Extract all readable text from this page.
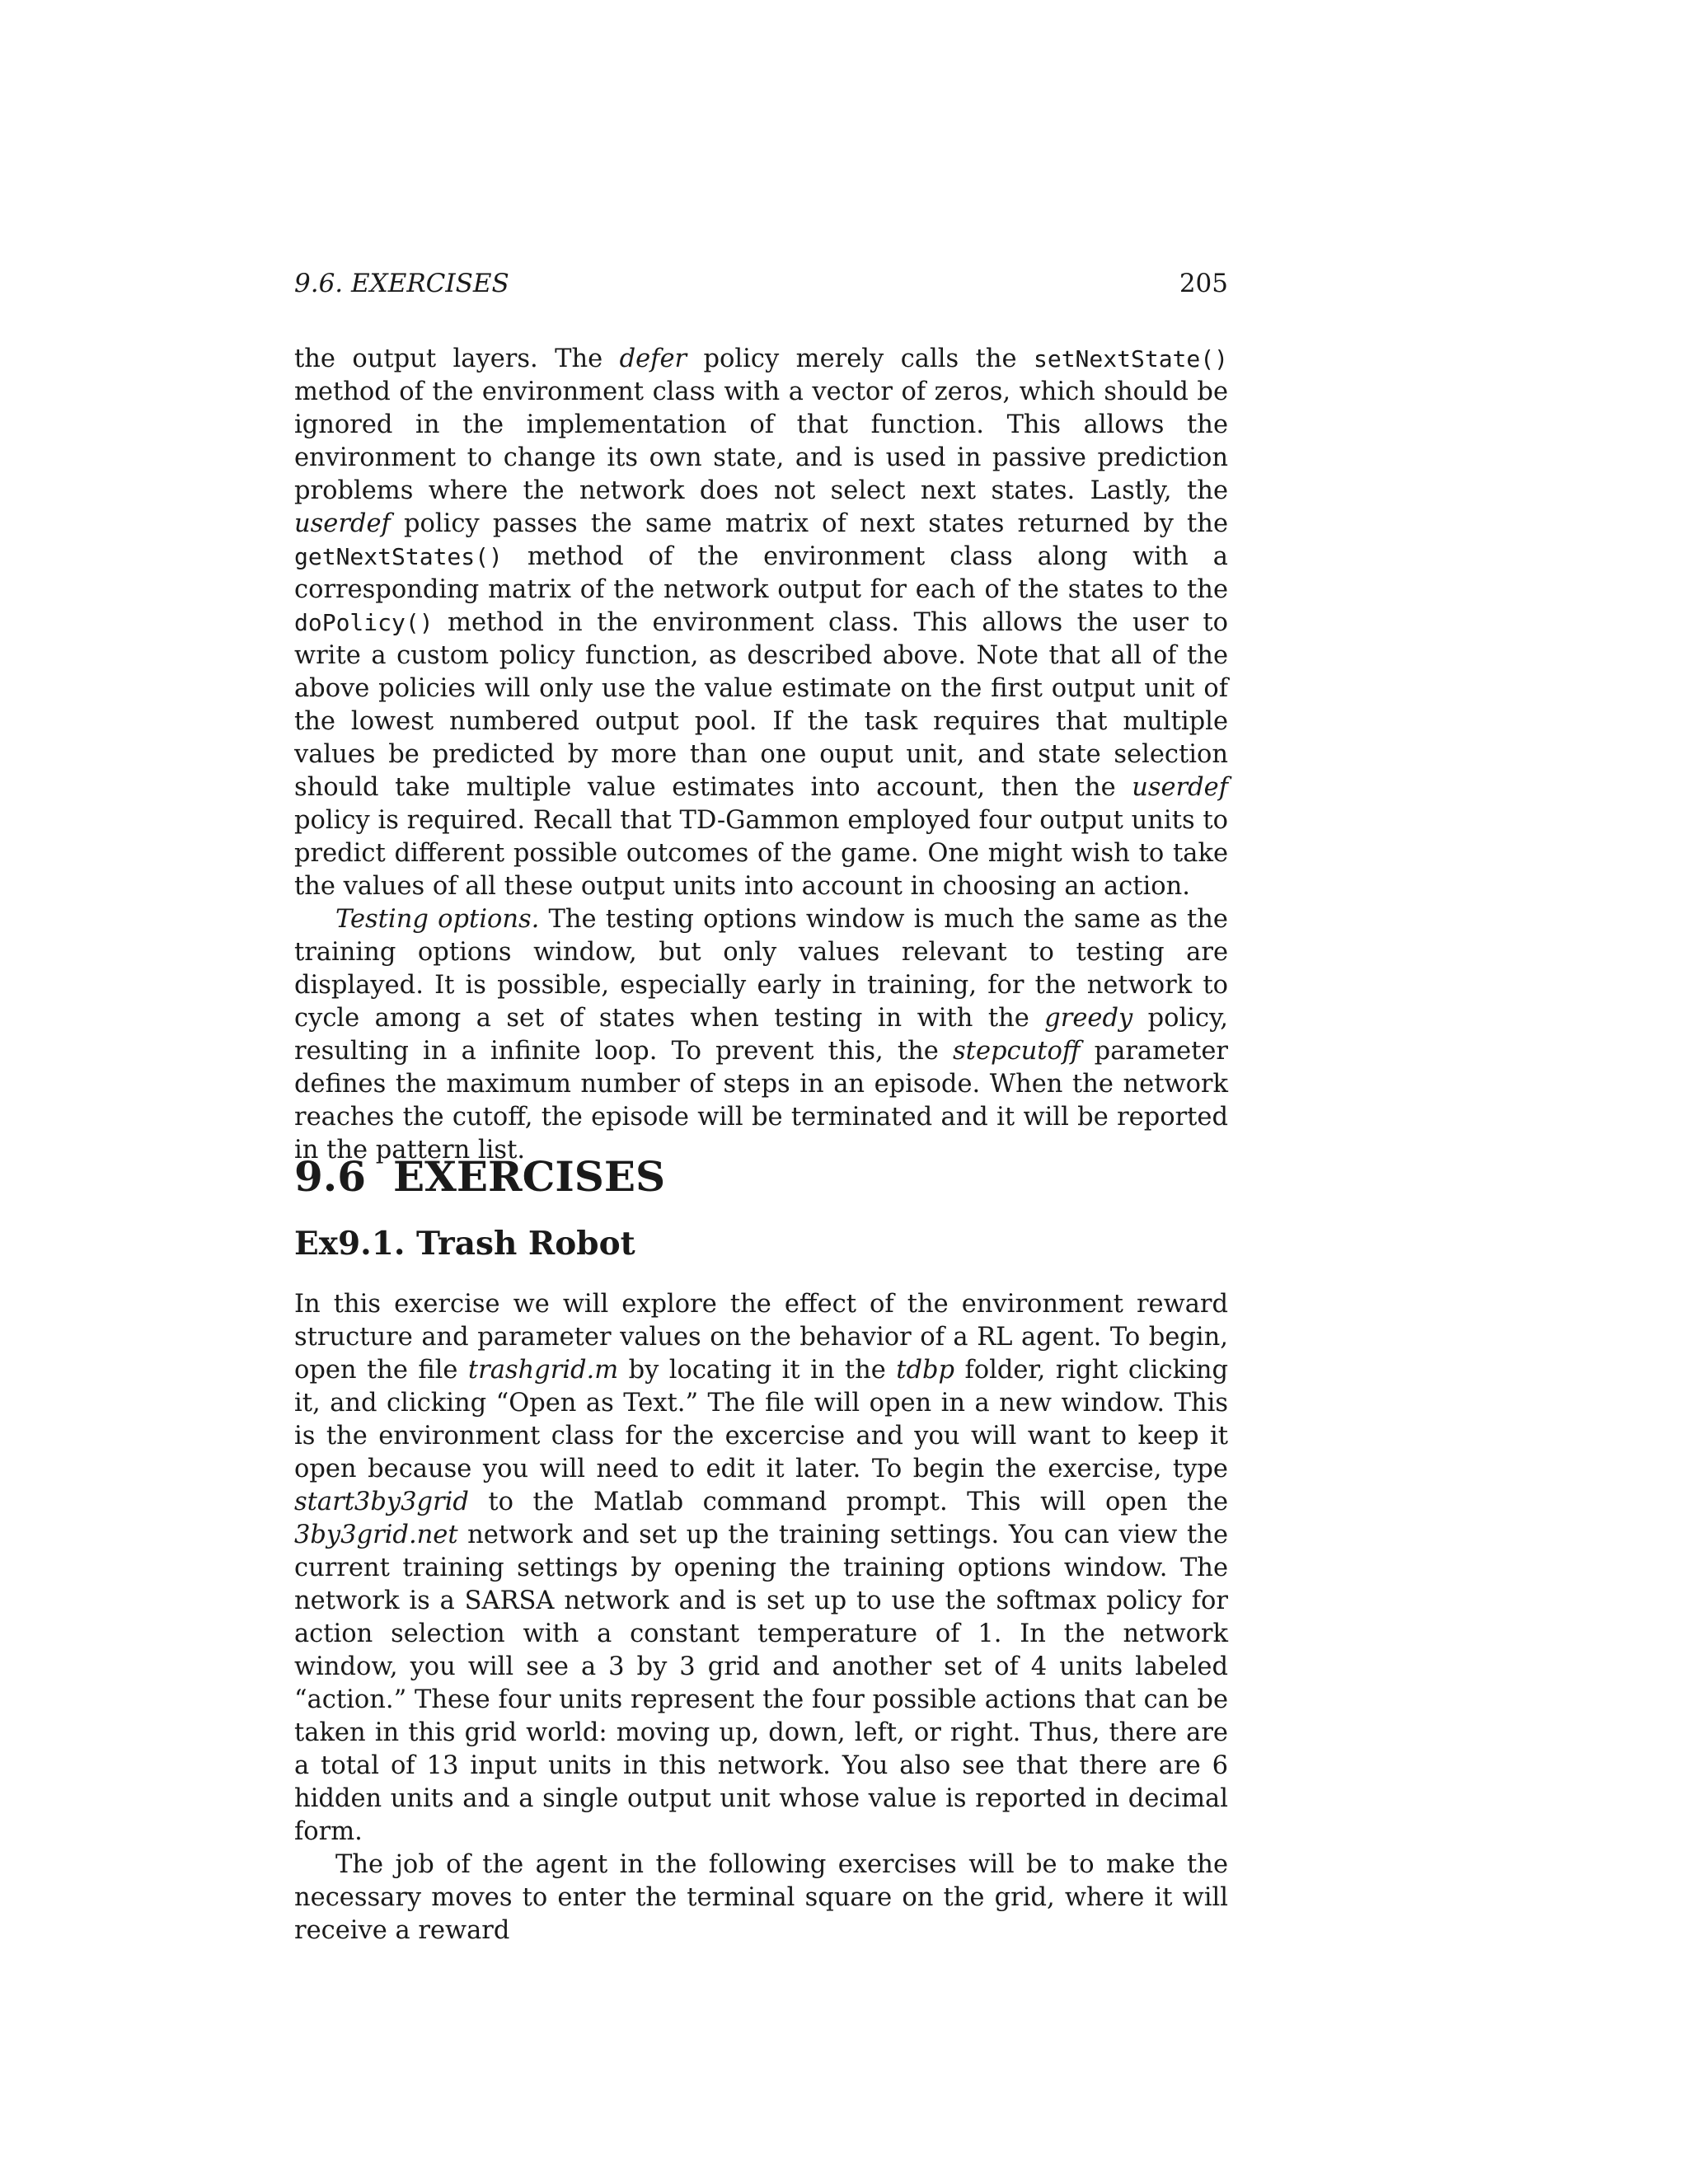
9.6. EXERCISES	205

the output layers. The defer policy merely calls the setNextState() method of the environment class with a vector of zeros, which should be ignored in the implementation of that function. This allows the environment to change its own state, and is used in passive prediction problems where the network does not select next states. Lastly, the userdef policy passes the same matrix of next states returned by the getNextStates() method of the environment class along with a corresponding matrix of the network output for each of the states to the doPolicy() method in the environment class. This allows the user to write a custom policy function, as described above. Note that all of the above policies will only use the value estimate on the first output unit of the lowest numbered output pool. If the task requires that multiple values be predicted by more than one ouput unit, and state selection should take multiple value estimates into account, then the userdef policy is required. Recall that TD-Gammon employed four output units to predict different possible outcomes of the game. One might wish to take the values of all these output units into account in choosing an action.

Testing options. The testing options window is much the same as the training options window, but only values relevant to testing are displayed. It is possible, especially early in training, for the network to cycle among a set of states when testing in with the greedy policy, resulting in a infinite loop. To prevent this, the stepcutoff parameter defines the maximum number of steps in an episode. When the network reaches the cutoff, the episode will be terminated and it will be reported in the pattern list.

9.6 EXERCISES
Ex9.1. Trash Robot

In this exercise we will explore the effect of the environment reward structure and parameter values on the behavior of a RL agent. To begin, open the file trashgrid.m by locating it in the tdbp folder, right clicking it, and clicking “Open as Text.” The file will open in a new window. This is the environment class for the excercise and you will want to keep it open because you will need to edit it later. To begin the exercise, type start3by3grid to the Matlab command prompt. This will open the 3by3grid.net network and set up the training settings. You can view the current training settings by opening the training options window. The network is a SARSA network and is set up to use the softmax policy for action selection with a constant temperature of 1. In the network window, you will see a 3 by 3 grid and another set of 4 units labeled “action.” These four units represent the four possible actions that can be taken in this grid world: moving up, down, left, or right. Thus, there are a total of 13 input units in this network. You also see that there are 6 hidden units and a single output unit whose value is reported in decimal form.

The job of the agent in the following exercises will be to make the necessary moves to enter the terminal square on the grid, where it will receive a reward
